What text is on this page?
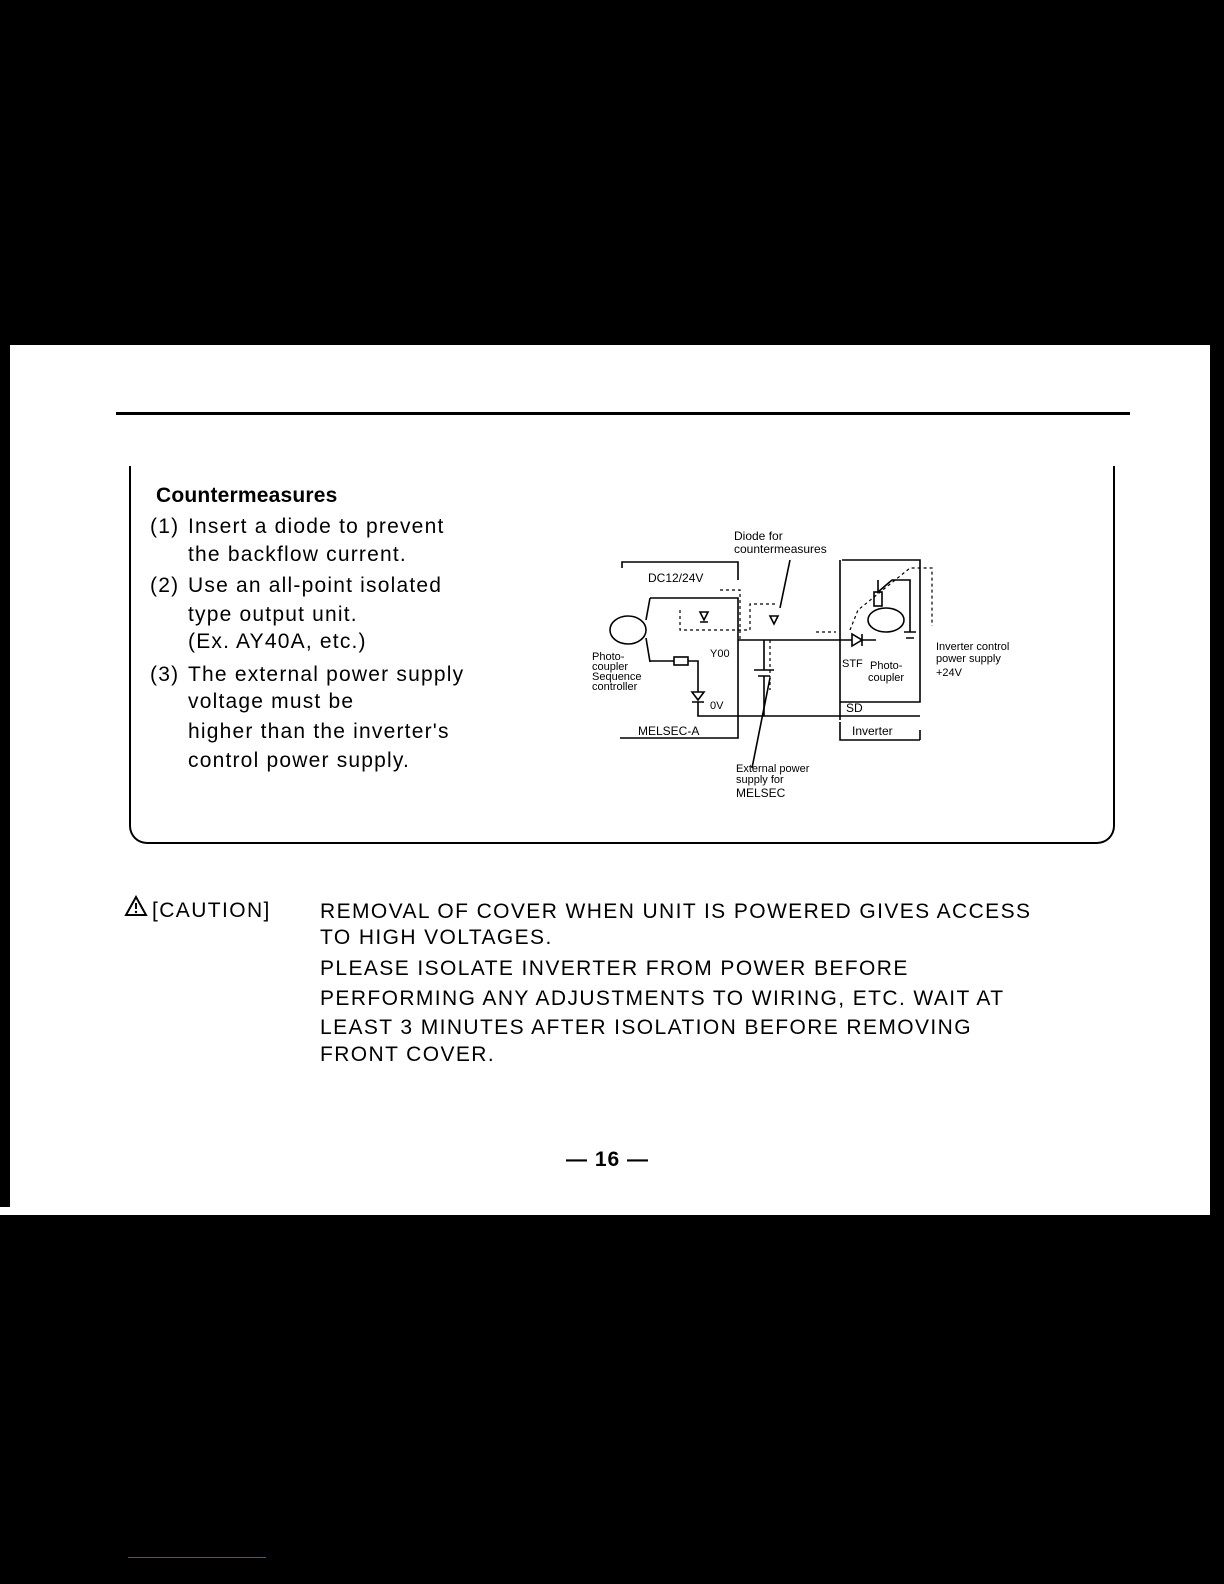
Countermeasures
(1) Insert a diode to prevent
the backflow current.
(2) Use an all-point isolated
type output unit.
(Ex. AY40A, etc.)
(3) The external power supply
voltage must be
higher than the inverter's
control power supply.
Diode for
countermeasures
DC12/24V
Photo-
coupler
Sequence
controller
Y00
0V
MELSEC-A
External power
supply for
MELSEC
STF Photo-
coupler
SD
Inverter
Inverter control
power supply
+24V
[CAUTION] REMOVAL OF COVER WHEN UNIT IS POWERED GIVES ACCESS
TO HIGH VOLTAGES.
PLEASE ISOLATE INVERTER FROM POWER BEFORE
PERFORMING ANY ADJUSTMENTS TO WIRING, ETC. WAIT AT
LEAST 3 MINUTES AFTER ISOLATION BEFORE REMOVING
FRONT COVER.
— 16 —
